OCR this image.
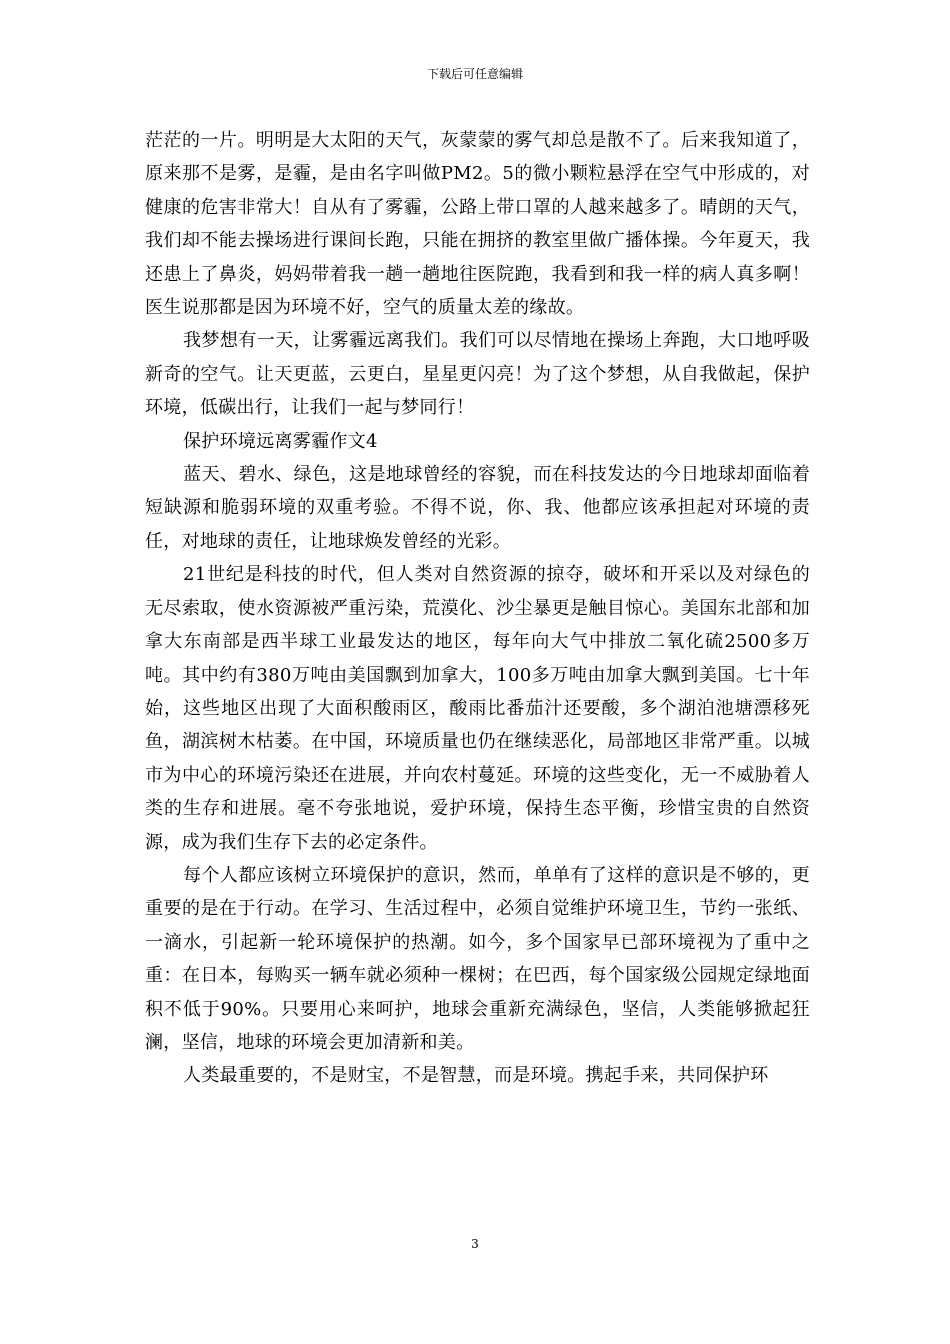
下载后可任意编辑

茫茫的一片。明明是大太阳的天气，灰蒙蒙的雾气却总是散不了。后来我知道了，原来那不是雾，是霾，是由名字叫做PM2。5的微小颗粒悬浮在空气中形成的，对健康的危害非常大！自从有了雾霾，公路上带口罩的人越来越多了。晴朗的天气，我们却不能去操场进行课间长跑，只能在拥挤的教室里做广播体操。今年夏天，我还患上了鼻炎，妈妈带着我一趟一趟地往医院跑，我看到和我一样的病人真多啊！医生说那都是因为环境不好，空气的质量太差的缘故。

我梦想有一天，让雾霾远离我们。我们可以尽情地在操场上奔跑，大口地呼吸新奇的空气。让天更蓝，云更白，星星更闪亮！为了这个梦想，从自我做起，保护环境，低碳出行，让我们一起与梦同行！

保护环境远离雾霾作文4

蓝天、碧水、绿色，这是地球曾经的容貌，而在科技发达的今日地球却面临着短缺源和脆弱环境的双重考验。不得不说，你、我、他都应该承担起对环境的责任，对地球的责任，让地球焕发曾经的光彩。

21世纪是科技的时代，但人类对自然资源的掠夺，破坏和开采以及对绿色的无尽索取，使水资源被严重污染，荒漠化、沙尘暴更是触目惊心。美国东北部和加拿大东南部是西半球工业最发达的地区，每年向大气中排放二氧化硫2500多万吨。其中约有380万吨由美国飘到加拿大，100多万吨由加拿大飘到美国。七十年始，这些地区出现了大面积酸雨区，酸雨比番茄汁还要酸，多个湖泊池塘漂移死鱼，湖滨树木枯萎。在中国，环境质量也仍在继续恶化，局部地区非常严重。以城市为中心的环境污染还在进展，并向农村蔓延。环境的这些变化，无一不威胁着人类的生存和进展。毫不夸张地说，爱护环境，保持生态平衡，珍惜宝贵的自然资源，成为我们生存下去的必定条件。

每个人都应该树立环境保护的意识，然而，单单有了这样的意识是不够的，更重要的是在于行动。在学习、生活过程中，必须自觉维护环境卫生，节约一张纸、一滴水，引起新一轮环境保护的热潮。如今，多个国家早已部环境视为了重中之重：在日本，每购买一辆车就必须种一棵树；在巴西，每个国家级公园规定绿地面积不低于90%。只要用心来呵护，地球会重新充满绿色，坚信，人类能够掀起狂澜，坚信，地球的环境会更加清新和美。

人类最重要的，不是财宝，不是智慧，而是环境。携起手来，共同保护环

3
